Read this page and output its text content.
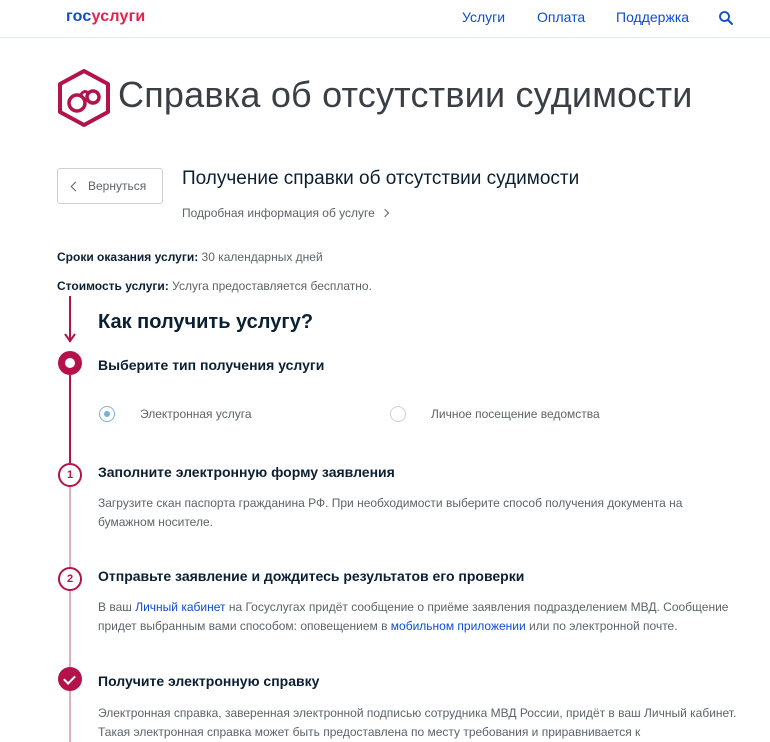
госуслуги	Услуги Оплата Поддержка
Справка об отсутствии судимости
Вернуться Получение справки об отсутствии судимости
Подробная информация об услуге
Сроки оказания услуги: 30 календарных дней
Стоимость услуги: Услуга предоставляется бесплатно.
Как получить услугу?
Выберите тип получения услуги
Электронная услуга	Личное посещение ведомства
1	Заполните электронную форму заявления
Загрузите скан паспорта гражданина РФ. При необходимости выберите способ получения документа на бумажном носителе.
2	Отправьте заявление и дождитесь результатов его проверки
В ваш Личный кабинет на Госуслугах придёт сообщение о приёме заявления подразделением МВД. Сообщение придет выбранным вами способом: оповещением в мобильном приложении или по электронной почте.
Получите электронную справку
Электронная справка, заверенная электронной подписью сотрудника МВД России, придёт в ваш Личный кабинет. Такая электронная справка может быть предоставлена по месту требования и приравнивается к
